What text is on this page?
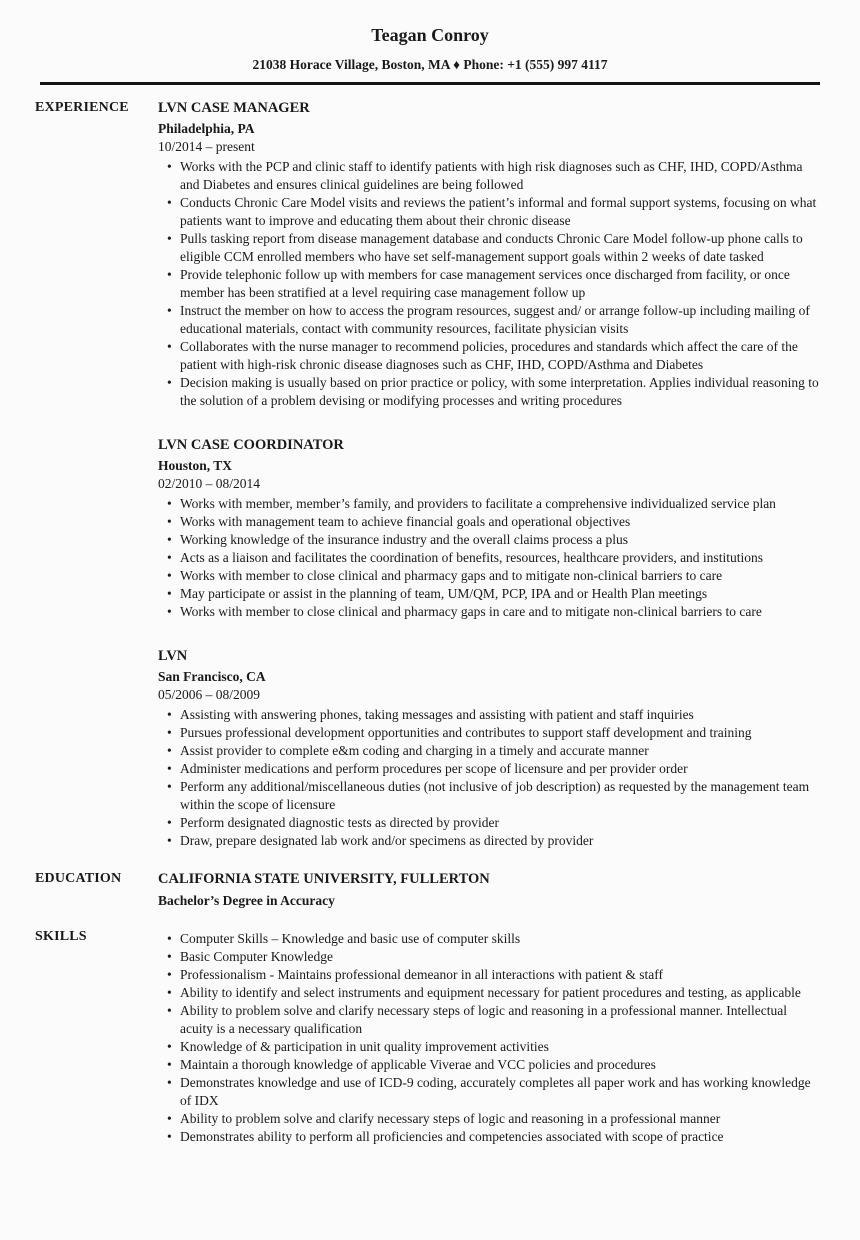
Teagan Conroy

21038 Horace Village, Boston, MA ♦ Phone: +1 (555) 997 4117

EXPERIENCE	LVN CASE MANAGER
Philadelphia, PA
10/2014 – present
• Works with the PCP and clinic staff to identify patients with high risk diagnoses such as CHF, IHD, COPD/Asthma and Diabetes and ensures clinical guidelines are being followed
• Conducts Chronic Care Model visits and reviews the patient’s informal and formal support systems, focusing on what patients want to improve and educating them about their chronic disease
• Pulls tasking report from disease management database and conducts Chronic Care Model follow-up phone calls to eligible CCM enrolled members who have set self-management support goals within 2 weeks of date tasked
• Provide telephonic follow up with members for case management services once discharged from facility, or once member has been stratified at a level requiring case management follow up
• Instruct the member on how to access the program resources, suggest and/ or arrange follow-up including mailing of educational materials, contact with community resources, facilitate physician visits
• Collaborates with the nurse manager to recommend policies, procedures and standards which affect the care of the patient with high-risk chronic disease diagnoses such as CHF, IHD, COPD/Asthma and Diabetes
• Decision making is usually based on prior practice or policy, with some interpretation. Applies individual reasoning to the solution of a problem devising or modifying processes and writing procedures
LVN CASE COORDINATOR
Houston, TX
02/2010 – 08/2014
• Works with member, member’s family, and providers to facilitate a comprehensive individualized service plan
• Works with management team to achieve financial goals and operational objectives
• Working knowledge of the insurance industry and the overall claims process a plus
• Acts as a liaison and facilitates the coordination of benefits, resources, healthcare providers, and institutions
• Works with member to close clinical and pharmacy gaps and to mitigate non-clinical barriers to care
• May participate or assist in the planning of team, UM/QM, PCP, IPA and or Health Plan meetings
• Works with member to close clinical and pharmacy gaps in care and to mitigate non-clinical barriers to care
LVN
San Francisco, CA
05/2006 – 08/2009
• Assisting with answering phones, taking messages and assisting with patient and staff inquiries
• Pursues professional development opportunities and contributes to support staff development and training
• Assist provider to complete e&m coding and charging in a timely and accurate manner
• Administer medications and perform procedures per scope of licensure and per provider order
• Perform any additional/miscellaneous duties (not inclusive of job description) as requested by the management team within the scope of licensure
• Perform designated diagnostic tests as directed by provider
• Draw, prepare designated lab work and/or specimens as directed by provider
EDUCATION	CALIFORNIA STATE UNIVERSITY, FULLERTON
Bachelor’s Degree in Accuracy
SKILLS	• Computer Skills – Knowledge and basic use of computer skills
• Basic Computer Knowledge
• Professionalism - Maintains professional demeanor in all interactions with patient & staff
• Ability to identify and select instruments and equipment necessary for patient procedures and testing, as applicable
• Ability to problem solve and clarify necessary steps of logic and reasoning in a professional manner. Intellectual acuity is a necessary qualification
• Knowledge of & participation in unit quality improvement activities
• Maintain a thorough knowledge of applicable Viverae and VCC policies and procedures
• Demonstrates knowledge and use of ICD-9 coding, accurately completes all paper work and has working knowledge of IDX
• Ability to problem solve and clarify necessary steps of logic and reasoning in a professional manner
• Demonstrates ability to perform all proficiencies and competencies associated with scope of practice
